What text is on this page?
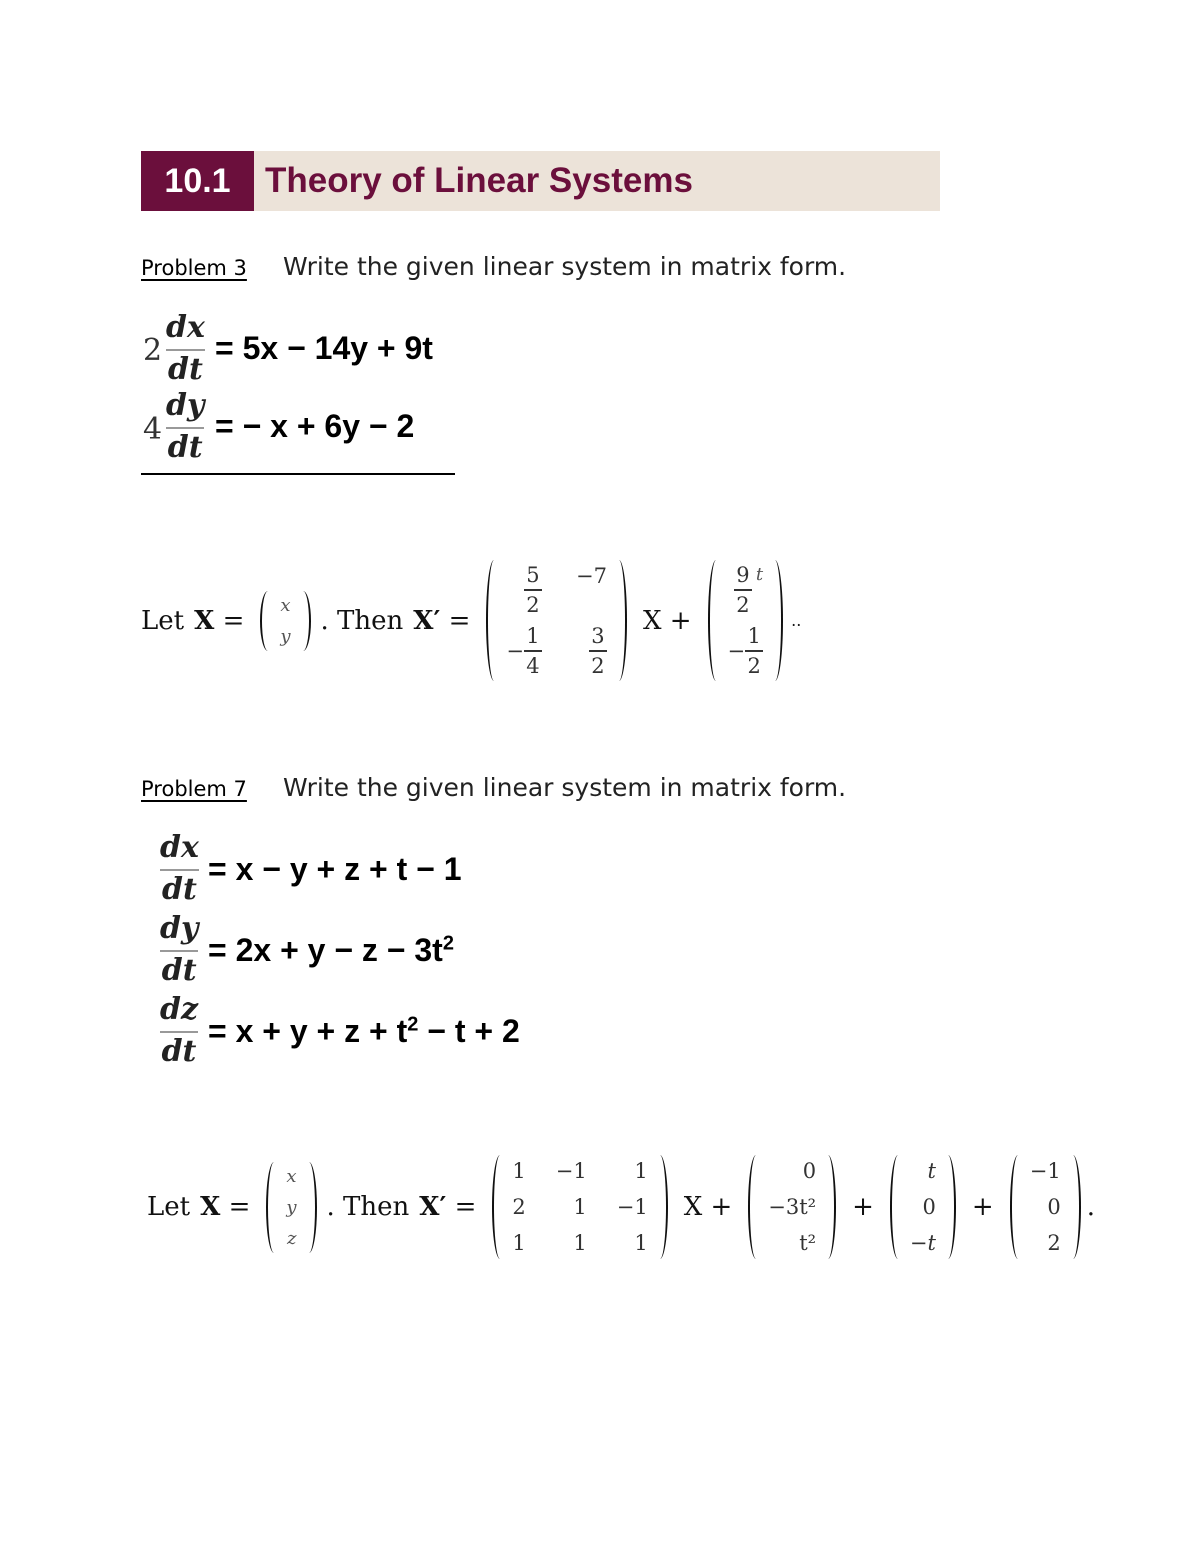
10.1 Theory of Linear Systems
Problem 3 Write the given linear system in matrix form.
2
dx
dt
= 5x − 14y + 9t
4
dy
dt
= − x + 6y − 2
Let X =
x
y
. Then X′ =
$\frac{5}{2} -7$
− $\frac{1}{4} \frac{3}{2}$
X +
$\frac{9}{2}$ t
− $\frac{1}{2}$
..
Problem 7 Write the given linear system in matrix form.
dx
dt
= x − y + z + t − 1
dy
dt
= $2x + y - z - 3t^2$
dz
dt
= $x + y + z + t^2 - t + 2$
Let X =
x
y
z
. Then X′ =
1 −1 1
2 1 −1
1 1 1
X +
0
−3t²
t²
+
t
0
−t
+
−1
0
2
.
